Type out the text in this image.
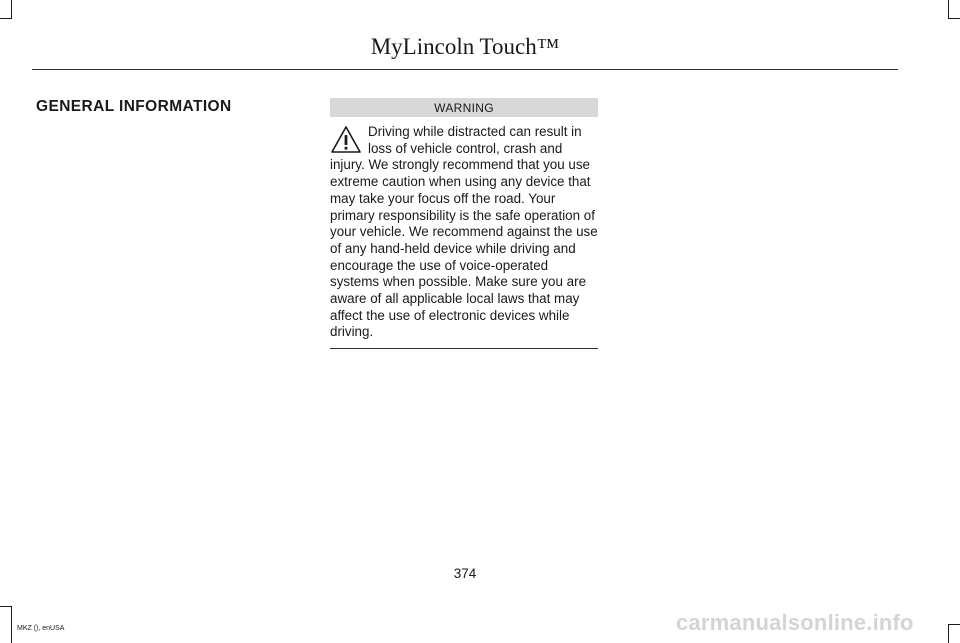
MyLincoln Touch™
GENERAL INFORMATION	WARNING
Driving while distracted can result in loss of vehicle control, crash and injury. We strongly recommend that you use extreme caution when using any device that may take your focus off the road. Your primary responsibility is the safe operation of your vehicle. We recommend against the use of any hand-held device while driving and encourage the use of voice-operated systems when possible. Make sure you are aware of all applicable local laws that may affect the use of electronic devices while driving.
374
MKZ (), enUSA	carmanualsonline.info
